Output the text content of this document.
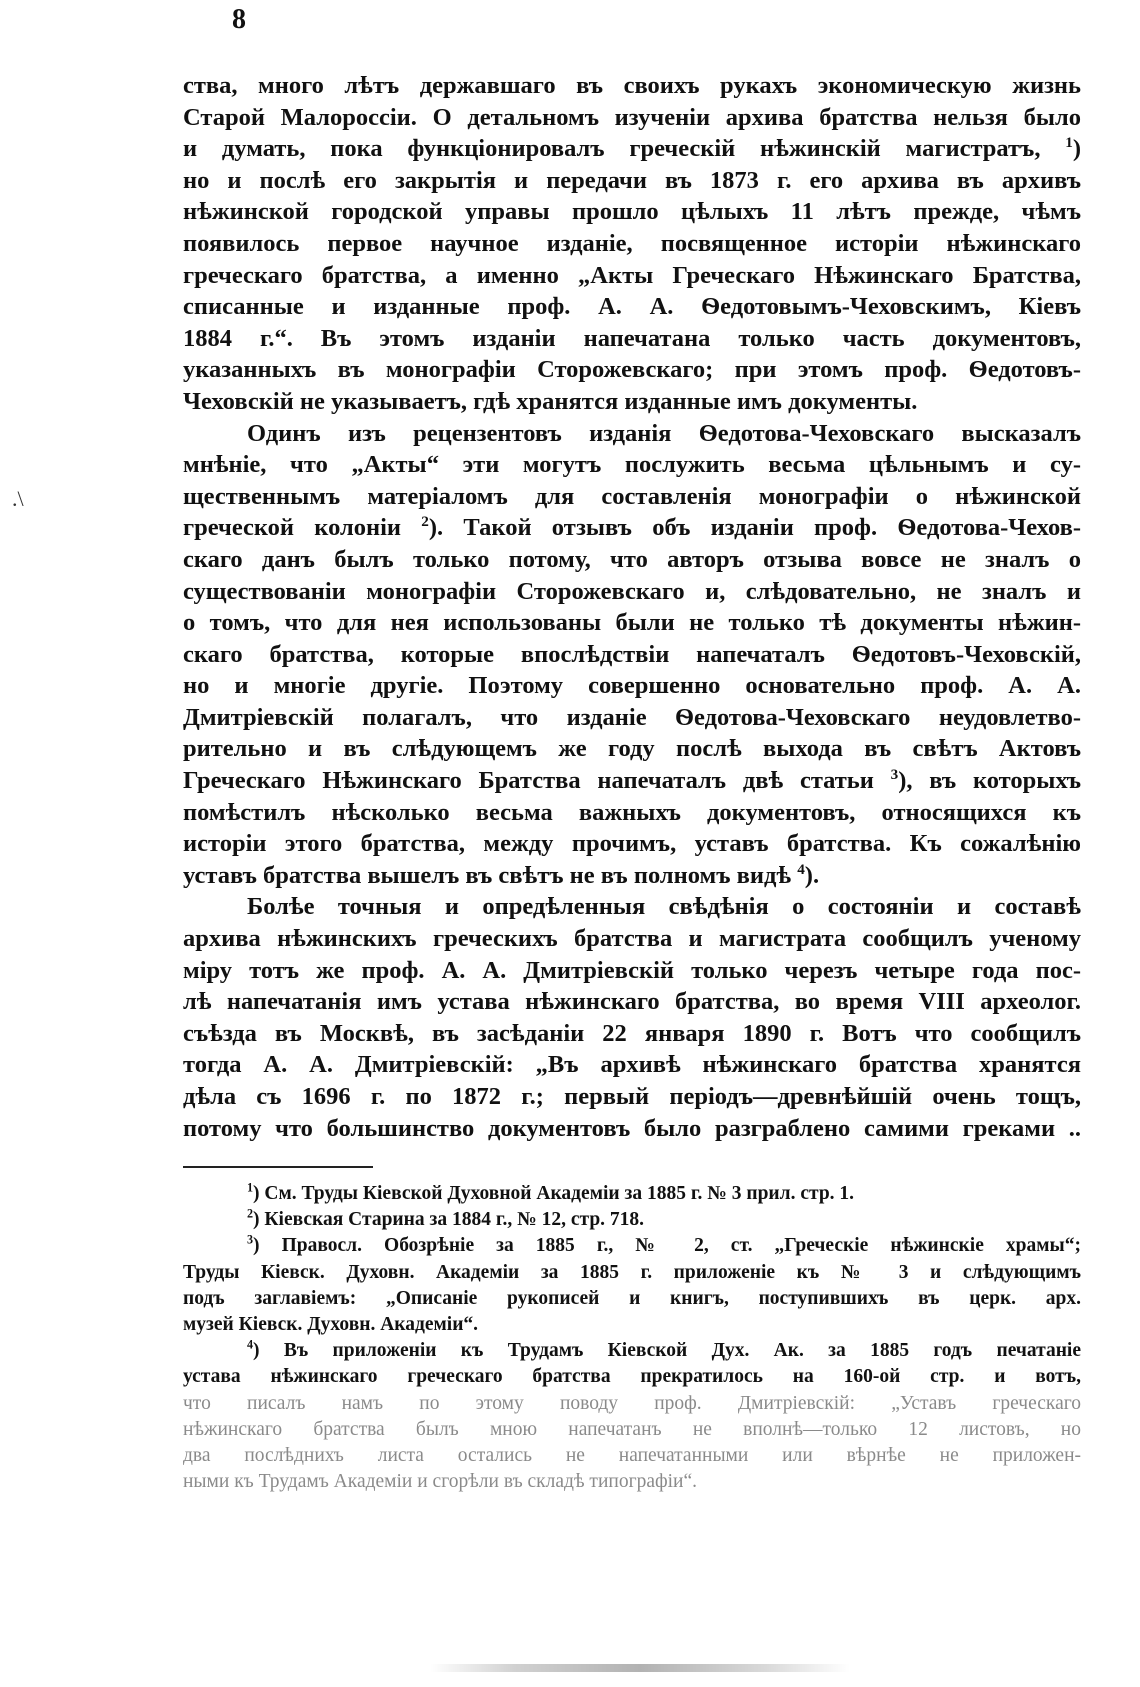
8
.\
ства, много лѣтъ державшаго въ своихъ рукахъ экономическую жизнь
Старой Малороссіи. О детальномъ изученіи архива братства нельзя было
и думать, пока функціонировалъ греческій нѣжинскій магистратъ, $^1$)
но и послѣ его закрытія и передачи въ 1873 г. его архива въ архивъ
нѣжинской городской управы прошло цѣлыхъ 11 лѣтъ прежде, чѣмъ
появилось первое научное изданіе, посвященное исторіи нѣжинскаго
греческаго братства, а именно „Акты Греческаго Нѣжинскаго Братства,
списанные и изданные проф. А. А. Ѳедотовымъ-Чеховскимъ, Кіевъ
1884 г.“. Въ этомъ изданіи напечатана только часть документовъ,
указанныхъ въ монографіи Сторожевскаго; при этомъ проф. Ѳедотовъ-
Чеховскій не указываетъ, гдѣ хранятся изданные имъ документы.
Одинъ изъ рецензентовъ изданія Ѳедотова-Чеховскаго высказалъ
мнѣніе, что „Акты“ эти могутъ послужить весьма цѣльнымъ и су-
щественнымъ матеріаломъ для составленія монографіи о нѣжинской
греческой колоніи $^2$). Такой отзывъ объ изданіи проф. Ѳедотова-Чехов-
скаго данъ былъ только потому, что авторъ отзыва вовсе не зналъ о
существованіи монографіи Сторожевскаго и, слѣдовательно, не зналъ и
о томъ, что для нея использованы были не только тѣ документы нѣжин-
скаго братства, которые впослѣдствіи напечаталъ Ѳедотовъ-Чеховскій,
но и многіе другіе. Поэтому совершенно основательно проф. А. А.
Дмитріевскій полагалъ, что изданіе Ѳедотова-Чеховскаго неудовлетво-
рительно и въ слѣдующемъ же году послѣ выхода въ свѣтъ Актовъ
Греческаго Нѣжинскаго Братства напечаталъ двѣ статьи $^3$), въ которыхъ
помѣстилъ нѣсколько весьма важныхъ документовъ, относящихся къ
исторіи этого братства, между прочимъ, уставъ братства. Къ сожалѣнію
уставъ братства вышелъ въ свѣтъ не въ полномъ видѣ $^4$).
Болѣе точныя и опредѣленныя свѣдѣнія о состояніи и составѣ
архива нѣжинскихъ греческихъ братства и магистрата сообщилъ ученому
міру тотъ же проф. А. А. Дмитріевскій только черезъ четыре года пос-
лѣ напечатанія имъ устава нѣжинскаго братства, во время VIII археолог.
съѣзда въ Москвѣ, въ засѣданіи 22 января 1890 г. Вотъ что сообщилъ
тогда А. А. Дмитріевскій: „Въ архивѣ нѣжинскаго братства хранятся
дѣла съ 1696 г. по 1872 г.; первый періодъ—древнѣйшій очень тощъ,
потому что большинство документовъ было разграблено самими греками ..
$^1$) См. Труды Кіевской Духовной Академіи за 1885 г. № 3 прил. стр. 1.
$^2$) Кіевская Старина за 1884 г., № 12, стр. 718.
$^3$) Правосл. Обозрѣніе за 1885 г., № 2, ст. „Греческіе нѣжинскіе храмы“;
Труды Кіевск. Духовн. Академіи за 1885 г. приложеніе къ № 3 и слѣдующимъ
подъ заглавіемъ: „Описаніе рукописей и книгъ, поступившихъ въ церк. арх.
музей Кіевск. Духовн. Академіи“.
$^4$) Въ приложеніи къ Трудамъ Кіевской Дух. Ак. за 1885 годъ печатаніе
устава нѣжинскаго греческаго братства прекратилось на 160-ой стр. и вотъ,
что писалъ намъ по этому поводу проф. Дмитріевскій: „Уставъ греческаго
нѣжинскаго братства былъ мною напечатанъ не вполнѣ—только 12 листовъ, но
два послѣднихъ листа остались не напечатанными или вѣрнѣе не приложен-
ными къ Трудамъ Академіи и сгорѣли въ складѣ типографіи“.
